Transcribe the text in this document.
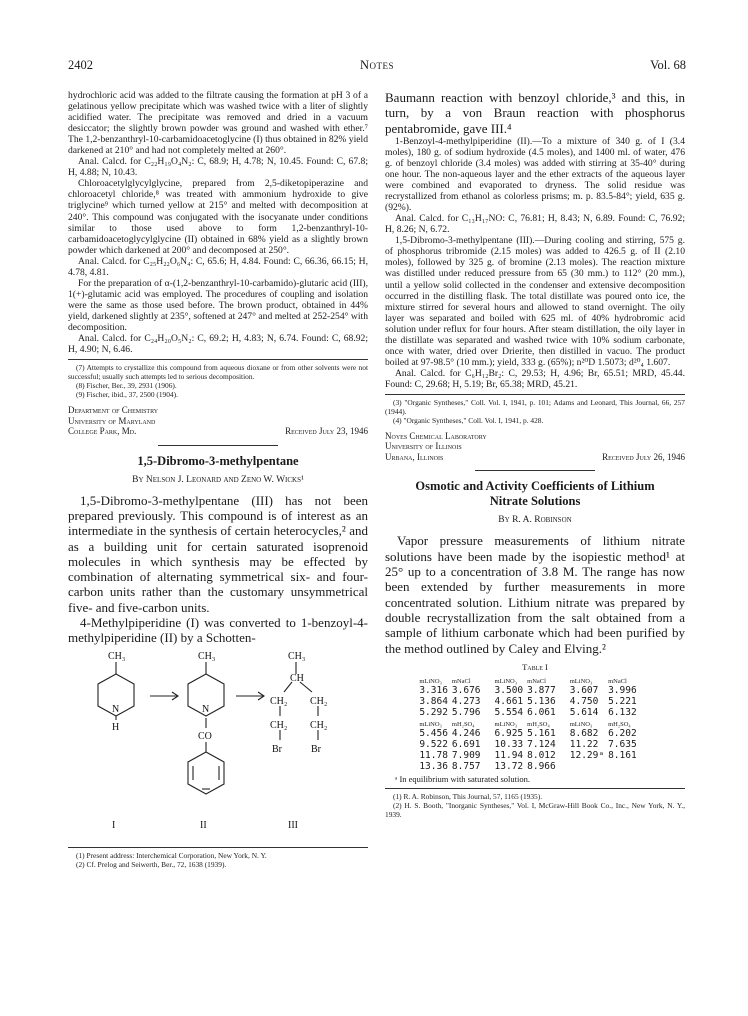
2402	Notes	Vol. 68

hydrochloric acid was added to the filtrate causing the formation at pH 3 of a gelatinous yellow precipitate which was washed twice with a liter of slightly acidified water. The precipitate was removed and dried in a vacuum desiccator; the slightly brown powder was ground and washed with ether.⁷ The 1,2-benzanthryl-10-carbamidoacetoglycine (I) thus obtained in 82% yield darkened at 210° and had not completely melted at 260°.

Anal. Calcd. for C₂₂H₁₉O₄N₂: C, 68.9; H, 4.78; N, 10.45. Found: C, 67.8; H, 4.88; N, 10.43.

Chloroacetylglycylglycine, prepared from 2,5-diketopiperazine and chloroacetyl chloride,⁸ was treated with ammonium hydroxide to give triglycine⁹ which turned yellow at 215° and melted with decomposition at 240°. This compound was conjugated with the isocyanate under conditions similar to those used above to form 1,2-benzanthryl-10-carbamidoacetoglycylglycine (II) obtained in 68% yield as a slightly brown powder which darkened at 200° and decomposed at 250°.

Anal. Calcd. for C₂₅H₂₂O₆N₄: C, 65.6; H, 4.84. Found: C, 66.36, 66.15; H, 4.78, 4.81.

For the preparation of α-(1,2-benzanthryl-10-carbamido)-glutaric acid (III), 1(+)-glutamic acid was employed. The procedures of coupling and isolation were the same as those used before. The brown product, obtained in 44% yield, darkened slightly at 235°, softened at 247° and melted at 252-254° with decomposition.

Anal. Calcd. for C₂₄H₂₀O₅N₂: C, 69.2; H, 4.83; N, 6.74. Found: C, 68.92; H, 4.90; N, 6.46.

(7) Attempts to crystallize this compound from aqueous dioxane or from other solvents were not successful; usually such attempts led to serious decomposition.

(8) Fischer, Ber., 39, 2931 (1906).

(9) Fischer, ibid., 37, 2500 (1904).

Department of Chemistry
University of Maryland
College Park, Md.	Received July 23, 1946
1,5-Dibromo-3-methylpentane
By Nelson J. Leonard and Zeno W. Wicks¹

1,5-Dibromo-3-methylpentane (III) has not been prepared previously. This compound is of interest as an intermediate in the synthesis of certain heterocycles,² and as a building unit for certain saturated isoprenoid molecules in which synthesis may be effected by combination of alternating symmetrical six- and four-carbon units rather than the customary unsymmetrical five- and five-carbon units.

4-Methylpiperidine (I) was converted to 1-benzoyl-4-methylpiperidine (II) by a Schotten-

CH₃	CH₃	CH₃
N
H
N
CO
CH
CH₂ CH₂
CH₂ CH₂
Br	Br
I	II	III

(1) Present address: Interchemical Corporation, New York, N. Y.

(2) Cf. Prelog and Seiwerth, Ber., 72, 1638 (1939).

Baumann reaction with benzoyl chloride,³ and this, in turn, by a von Braun reaction with phosphorus pentabromide, gave III.⁴

1-Benzoyl-4-methylpiperidine (II).—To a mixture of 340 g. of I (3.4 moles), 180 g. of sodium hydroxide (4.5 moles), and 1400 ml. of water, 476 g. of benzoyl chloride (3.4 moles) was added with stirring at 35-40° during one hour. The non-aqueous layer and the ether extracts of the aqueous layer were combined and evaporated to dryness. The solid residue was recrystallized from ethanol as colorless prisms; m. p. 83.5-84°; yield, 635 g. (92%).

Anal. Calcd. for C₁₃H₁₇NO: C, 76.81; H, 8.43; N, 6.89. Found: C, 76.92; H, 8.26; N, 6.72.

1,5-Dibromo-3-methylpentane (III).—During cooling and stirring, 575 g. of phosphorus tribromide (2.15 moles) was added to 426.5 g. of II (2.10 moles), followed by 325 g. of bromine (2.13 moles). The reaction mixture was distilled under reduced pressure from 65 (30 mm.) to 112° (20 mm.), until a yellow solid collected in the condenser and extensive decomposition occurred in the distilling flask. The total distillate was poured onto ice, the mixture stirred for several hours and allowed to stand overnight. The oily layer was separated and boiled with 625 ml. of 40% hydrobromic acid solution under reflux for four hours. After steam distillation, the oily layer in the distillate was separated and washed twice with 10% sodium carbonate, once with water, dried over Drierite, then distilled in vacuo. The product boiled at 97-98.5° (10 mm.); yield, 333 g. (65%); n²⁰D 1.5073; d²⁰₄ 1.607.

Anal. Calcd. for C₆H₁₂Br₂: C, 29.53; H, 4.96; Br, 65.51; MRD, 45.44. Found: C, 29.68; H, 5.19; Br, 65.38; MRD, 45.21.

(3) "Organic Syntheses," Coll. Vol. I, 1941, p. 101; Adams and Leonard, This Journal, 66, 257 (1944).

(4) "Organic Syntheses," Coll. Vol. I, 1941, p. 428.

Noyes Chemical Laboratory
University of Illinois
Urbana, Illinois	Received July 26, 1946
Osmotic and Activity Coefficients of Lithium
Nitrate Solutions
By R. A. Robinson

Vapor pressure measurements of lithium nitrate solutions have been made by the isopiestic method¹ at 25° up to a concentration of 3.8 M. The range has now been extended by further measurements in more concentrated solution. Lithium nitrate was prepared by double recrystallization from the salt obtained from a sample of lithium carbonate which had been purified by the method outlined by Caley and Elving.²

Table I
mLiNO₃	mNaCl	mLiNO₃	mNaCl	mLiNO₃	mNaCl
3.316	3.676	3.500	3.877	3.607	3.996
3.864	4.273	4.661	5.136	4.750	5.221
5.292	5.796	5.554	6.061	5.614	6.132
mLiNO₃	mH₂SO₄	mLiNO₃	mH₂SO₄	mLiNO₃	mH₂SO₄
5.456	4.246	6.925	5.161	8.682	6.202
9.522	6.691	10.33	7.124	11.22	7.635
11.78	7.909	11.94	8.012	12.29ᵃ	8.161
13.36	8.757	13.72	8.966		
ᵃ In equilibrium with saturated solution.

(1) R. A. Robinson, This Journal, 57, 1165 (1935).

(2) H. S. Booth, "Inorganic Syntheses," Vol. I, McGraw-Hill Book Co., Inc., New York, N. Y., 1939.
